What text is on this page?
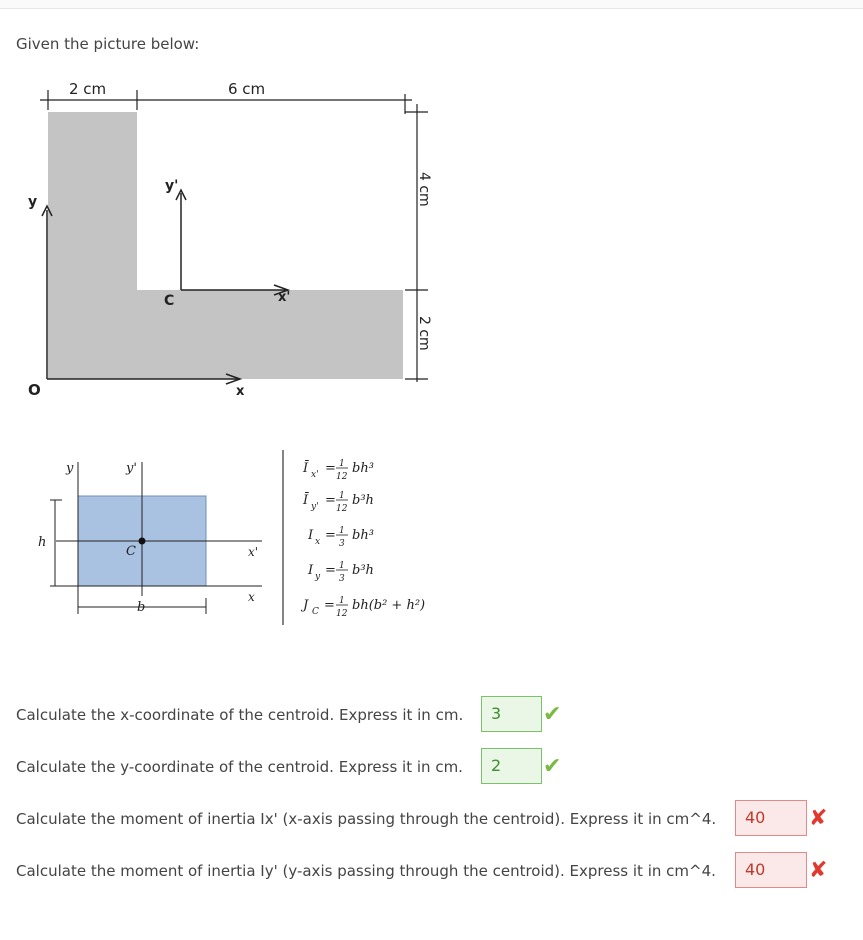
Given the picture below:
2 cm	6 cm
4 cm
2 cm
y
x
O
y'
x'
C
y	y'
h
b
C	x'
x
Ī x' = 1
12
bh³
Ī y' = 1
12
b³h
I x = 1
3
bh³
I y = 1
3
b³h
J C = 1
12
bh(b² + h²)
Calculate the x-coordinate of the centroid. Express it in cm.	3	✔
Calculate the y-coordinate of the centroid. Express it in cm.	2	✔
Calculate the moment of inertia Ix' (x-axis passing through the centroid). Express it in cm^4.	40	✘
Calculate the moment of inertia Iy' (y-axis passing through the centroid). Express it in cm^4.	40	✘
